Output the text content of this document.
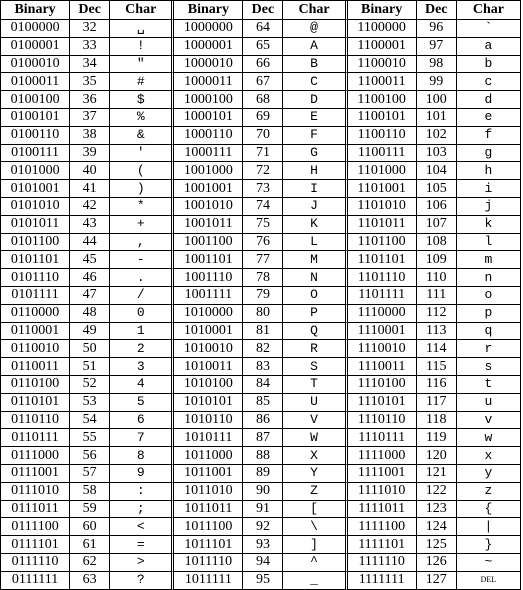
Binary	Dec	Char	Binary	Dec	Char	Binary	Dec	Char
0100000	32	␣	1000000	64	@	1100000	96	`
0100001	33	!	1000001	65	A	1100001	97	a
0100010	34	"	1000010	66	B	1100010	98	b
0100011	35	#	1000011	67	C	1100011	99	c
0100100	36	$	1000100	68	D	1100100	100	d
0100101	37	%	1000101	69	E	1100101	101	e
0100110	38	&	1000110	70	F	1100110	102	f
0100111	39	'	1000111	71	G	1100111	103	g
0101000	40	(	1001000	72	H	1101000	104	h
0101001	41	)	1001001	73	I	1101001	105	i
0101010	42	*	1001010	74	J	1101010	106	j
0101011	43	+	1001011	75	K	1101011	107	k
0101100	44	,	1001100	76	L	1101100	108	l
0101101	45	-	1001101	77	M	1101101	109	m
0101110	46	.	1001110	78	N	1101110	110	n
0101111	47	/	1001111	79	O	1101111	111	o
0110000	48	0	1010000	80	P	1110000	112	p
0110001	49	1	1010001	81	Q	1110001	113	q
0110010	50	2	1010010	82	R	1110010	114	r
0110011	51	3	1010011	83	S	1110011	115	s
0110100	52	4	1010100	84	T	1110100	116	t
0110101	53	5	1010101	85	U	1110101	117	u
0110110	54	6	1010110	86	V	1110110	118	v
0110111	55	7	1010111	87	W	1110111	119	w
0111000	56	8	1011000	88	X	1111000	120	x
0111001	57	9	1011001	89	Y	1111001	121	y
0111010	58	:	1011010	90	Z	1111010	122	z
0111011	59	;	1011011	91	[	1111011	123	{
0111100	60	<	1011100	92	\	1111100	124	|
0111101	61	=	1011101	93	]	1111101	125	}
0111110	62	>	1011110	94	^	1111110	126	~
0111111	63	?	1011111	95	_	1111111	127	DEL
